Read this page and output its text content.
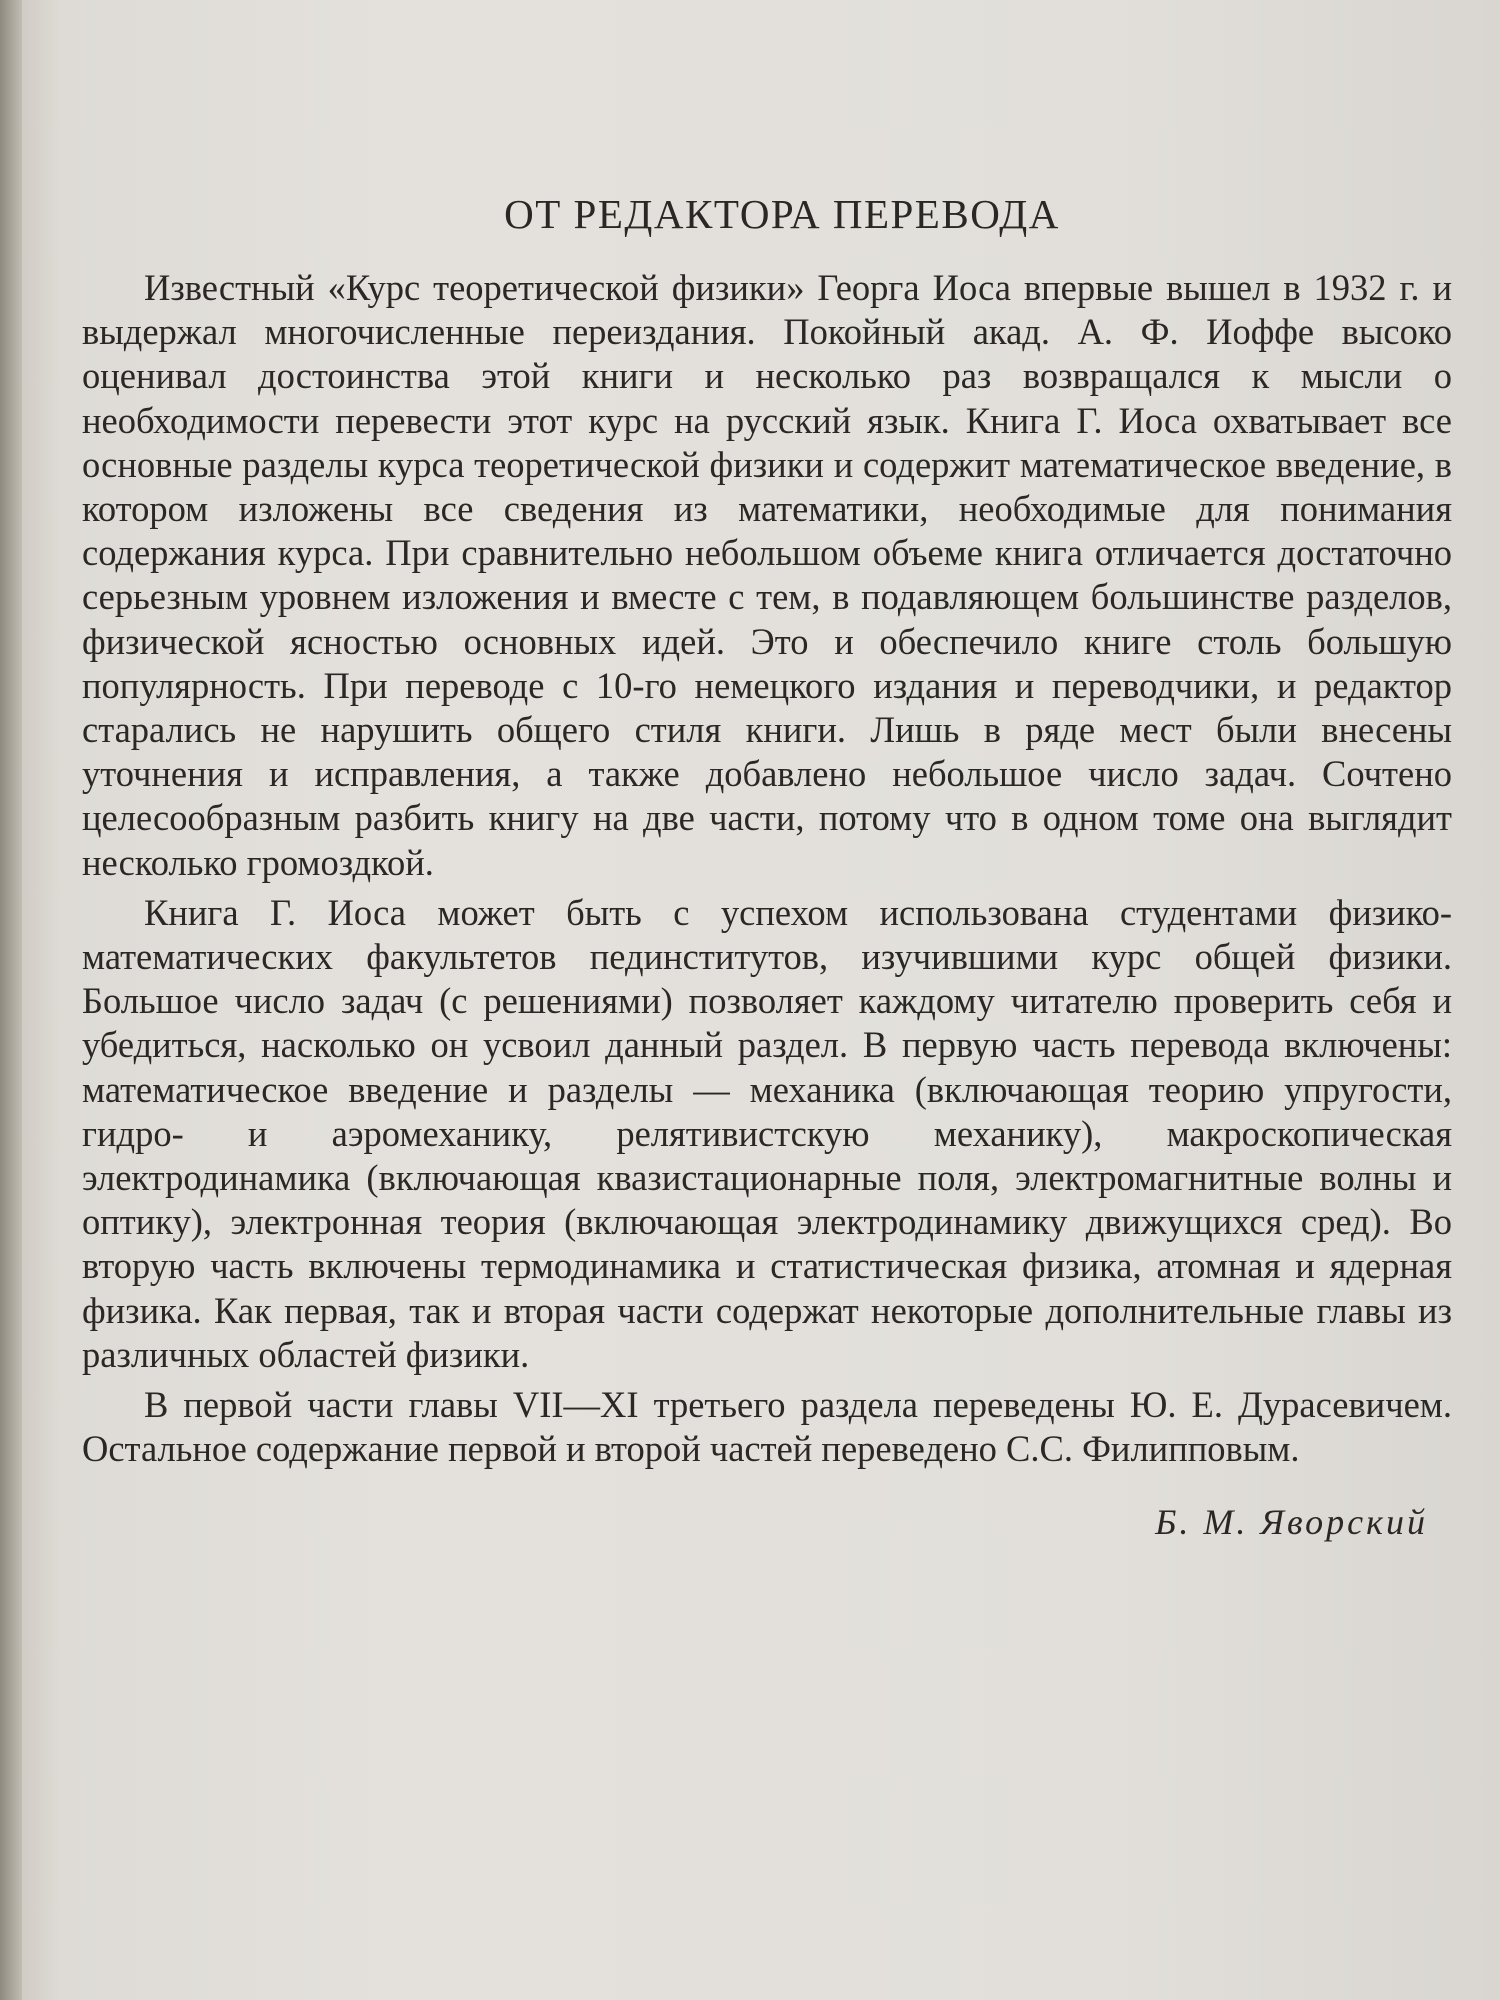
ОТ РЕДАКТОРА ПЕРЕВОДА

Известный «Курс теоретической физики» Георга Иоса впервые вышел в 1932 г. и выдержал многочисленные переиздания. Покойный акад. А. Ф. Иоффе высоко оценивал достоинства этой книги и несколько раз возвращался к мысли о необходимости перевести этот курс на русский язык. Книга Г. Иоса охватывает все основные разделы курса теоретической физики и содержит математическое введение, в котором изложены все сведения из математики, необходимые для понимания содержания курса. При сравнительно небольшом объеме книга отличается достаточно серьезным уровнем изложения и вместе с тем, в подавляющем большинстве разделов, физической ясностью основных идей. Это и обеспечило книге столь большую популярность. При переводе с 10-го немецкого издания и переводчики, и редактор старались не нарушить общего стиля книги. Лишь в ряде мест были внесены уточнения и исправления, а также добавлено небольшое число задач. Сочтено целесообразным разбить книгу на две части, потому что в одном томе она выглядит несколько громоздкой.

Книга Г. Иоса может быть с успехом использована студентами физико-математических факультетов пединститутов, изучившими курс общей физики. Большое число задач (с решениями) позволяет каждому читателю проверить себя и убедиться, насколько он усвоил данный раздел. В первую часть перевода включены: математическое введение и разделы — механика (включающая теорию упругости, гидро- и аэромеханику, релятивистскую механику), макроскопическая электродинамика (включающая квазистационарные поля, электромагнитные волны и оптику), электронная теория (включающая электродинамику движущихся сред). Во вторую часть включены термодинамика и статистическая физика, атомная и ядерная физика. Как первая, так и вторая части содержат некоторые дополнительные главы из различных областей физики.

В первой части главы VII—XI третьего раздела переведены Ю. Е. Дурасевичем. Остальное содержание первой и второй частей переведено С.С. Филипповым.

Б. М. Яворский
